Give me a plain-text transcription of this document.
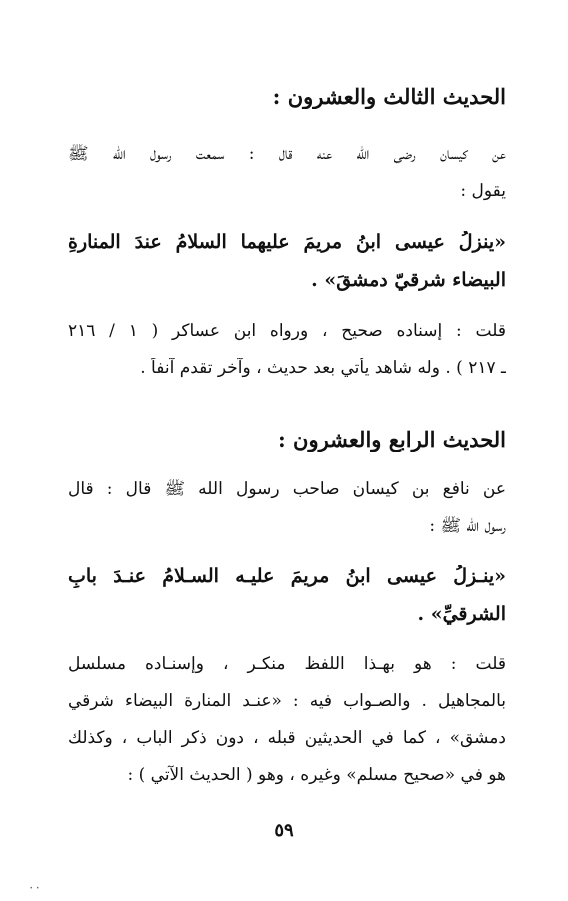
الحديث الثالث والعشرون :
عن كيسان رضي الله عنه قال : سمعت رسول الله ﷺ
يقول :
«ينزلُ عيسى ابنُ مريمَ عليهما السلامُ عندَ المنارةِ
البيضاء شرقيّ دمشقَ» .
قلت : إسناده صحيح ، ورواه ابن عساكر ( ١ / ٢١٦
ـ ٢١٧ ) . وله شاهد يأتي بعد حديث ، وآخر تقدم آنفاً .
الحديث الرابع والعشرون :
عن نافع بن كيسان صاحب رسول الله ﷺ قال : قال
رسول الله ﷺ :
«ينـزلُ عيسى ابنُ مريمَ عليـه السـلامُ عنـدَ بابِ
الشرقيِّ» .
قلت : هو بهـذا اللفظ منكـر ، وإسنـاده مسلسل
بالمجاهيل . والصـواب فيه : «عنـد المنارة البيضاء شرقي
دمشق» ، كما في الحديثين قبله ، دون ذكر الباب ، وكذلك
هو في «صحيح مسلم» وغيره ، وهو ( الحديث الآتي ) :
٥٩
٠٠
